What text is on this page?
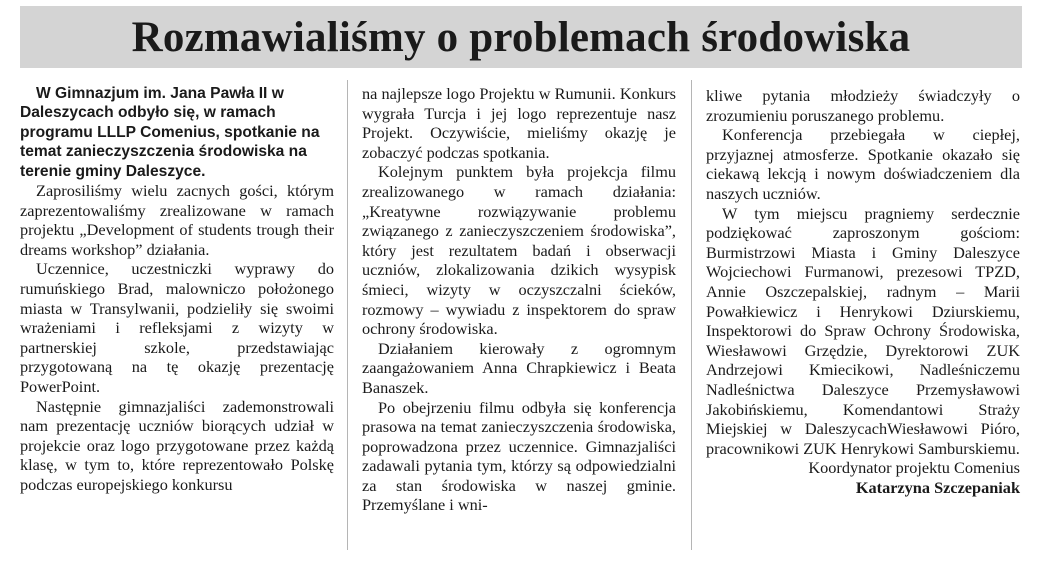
Rozmawialiśmy o problemach środowiska

W Gimnazjum im. Jana Pawła II w Daleszycach odbyło się, w ramach programu LLLP Comenius, spotkanie na temat zanieczyszczenia środowiska na terenie gminy Daleszyce.

Zaprosiliśmy wielu zacnych gości, którym zaprezentowaliśmy zrealizowane w ramach projektu „Development of students trough their dreams workshop” działania.

Uczennice, uczestniczki wyprawy do rumuńskiego Brad, malowniczo położonego miasta w Transylwanii, podzieliły się swoimi wrażeniami i refleksjami z wizyty w partnerskiej szkole, przedstawiając przygotowaną na tę okazję prezentację PowerPoint.

Następnie gimnazjaliści zademonstrowali nam prezentację uczniów biorących udział w projekcie oraz logo przygotowane przez każdą klasę, w tym to, które reprezentowało Polskę podczas europejskiego konkursu

na najlepsze logo Projektu w Rumunii. Konkurs wygrała Turcja i jej logo reprezentuje nasz Projekt. Oczywiście, mieliśmy okazję je zobaczyć podczas spotkania.

Kolejnym punktem była projekcja filmu zrealizowanego w ramach działania: „Kreatywne rozwiązywanie problemu związanego z zanieczyszczeniem środowiska”, który jest rezultatem badań i obserwacji uczniów, zlokalizowania dzikich wysypisk śmieci, wizyty w oczyszczalni ścieków, rozmowy – wywiadu z inspektorem do spraw ochrony środowiska.

Działaniem kierowały z ogromnym zaangażowaniem Anna Chrapkiewicz i Beata Banaszek.

Po obejrzeniu filmu odbyła się konferencja prasowa na temat zanieczyszczenia środowiska, poprowadzona przez uczennice. Gimnazjaliści zadawali pytania tym, którzy są odpowiedzialni za stan środowiska w naszej gminie. Przemyślane i wni-

kliwe pytania młodzieży świadczyły o zrozumieniu poruszanego problemu.

Konferencja przebiegała w ciepłej, przyjaznej atmosferze. Spotkanie okazało się ciekawą lekcją i nowym doświadczeniem dla naszych uczniów.

W tym miejscu pragniemy serdecznie podziękować zaproszonym gościom: Burmistrzowi Miasta i Gminy Daleszyce Wojciechowi Furmanowi, prezesowi TPZD, Annie Oszczepalskiej, radnym – Marii Powałkiewicz i Henrykowi Dziurskiemu, Inspektorowi do Spraw Ochrony Środowiska, Wiesławowi Grzędzie, Dyrektorowi ZUK Andrzejowi Kmiecikowi, Nadleśniczemu Nadleśnictwa Daleszyce Przemysławowi Jakobińskiemu, Komendantowi Straży Miejskiej w DaleszycachWiesławowi Pióro, pracownikowi ZUK Henrykowi Samburskiemu.

Koordynator projektu Comenius

Katarzyna Szczepaniak
